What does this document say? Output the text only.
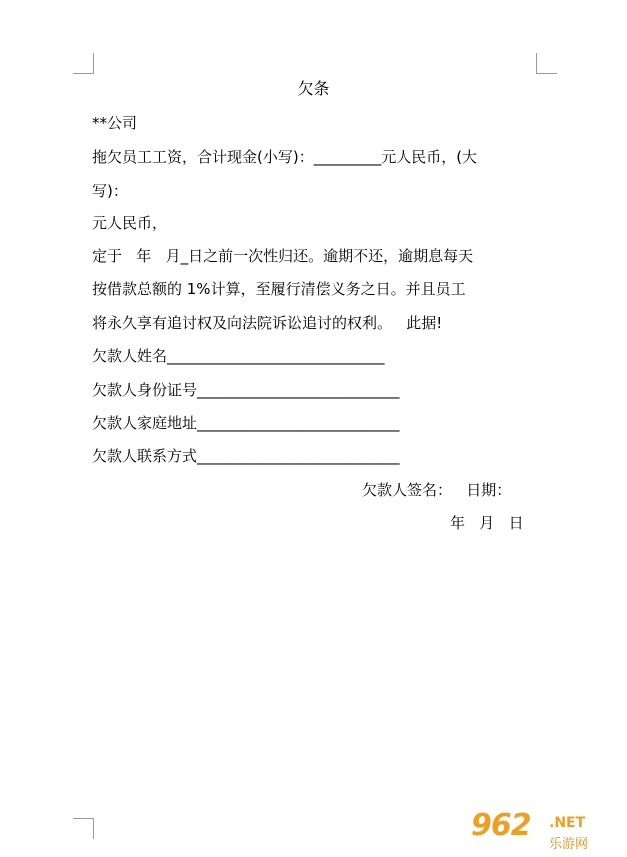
欠条
**公司
拖欠员工工资，合计现金(小写)：_________元人民币，(大
写)：
元人民币，
定于   年   月_日之前一次性归还。逾期不还，逾期息每天
按借款总额的 1%计算，至履行清偿义务之日。并且员工
将永久享有追讨权及向法院诉讼追讨的权利。   此据!
欠款人姓名_____________________________
欠款人身份证号___________________________
欠款人家庭地址___________________________
欠款人联系方式___________________________
欠款人签名：   日期：
年   月   日
962 .NET
乐游网
